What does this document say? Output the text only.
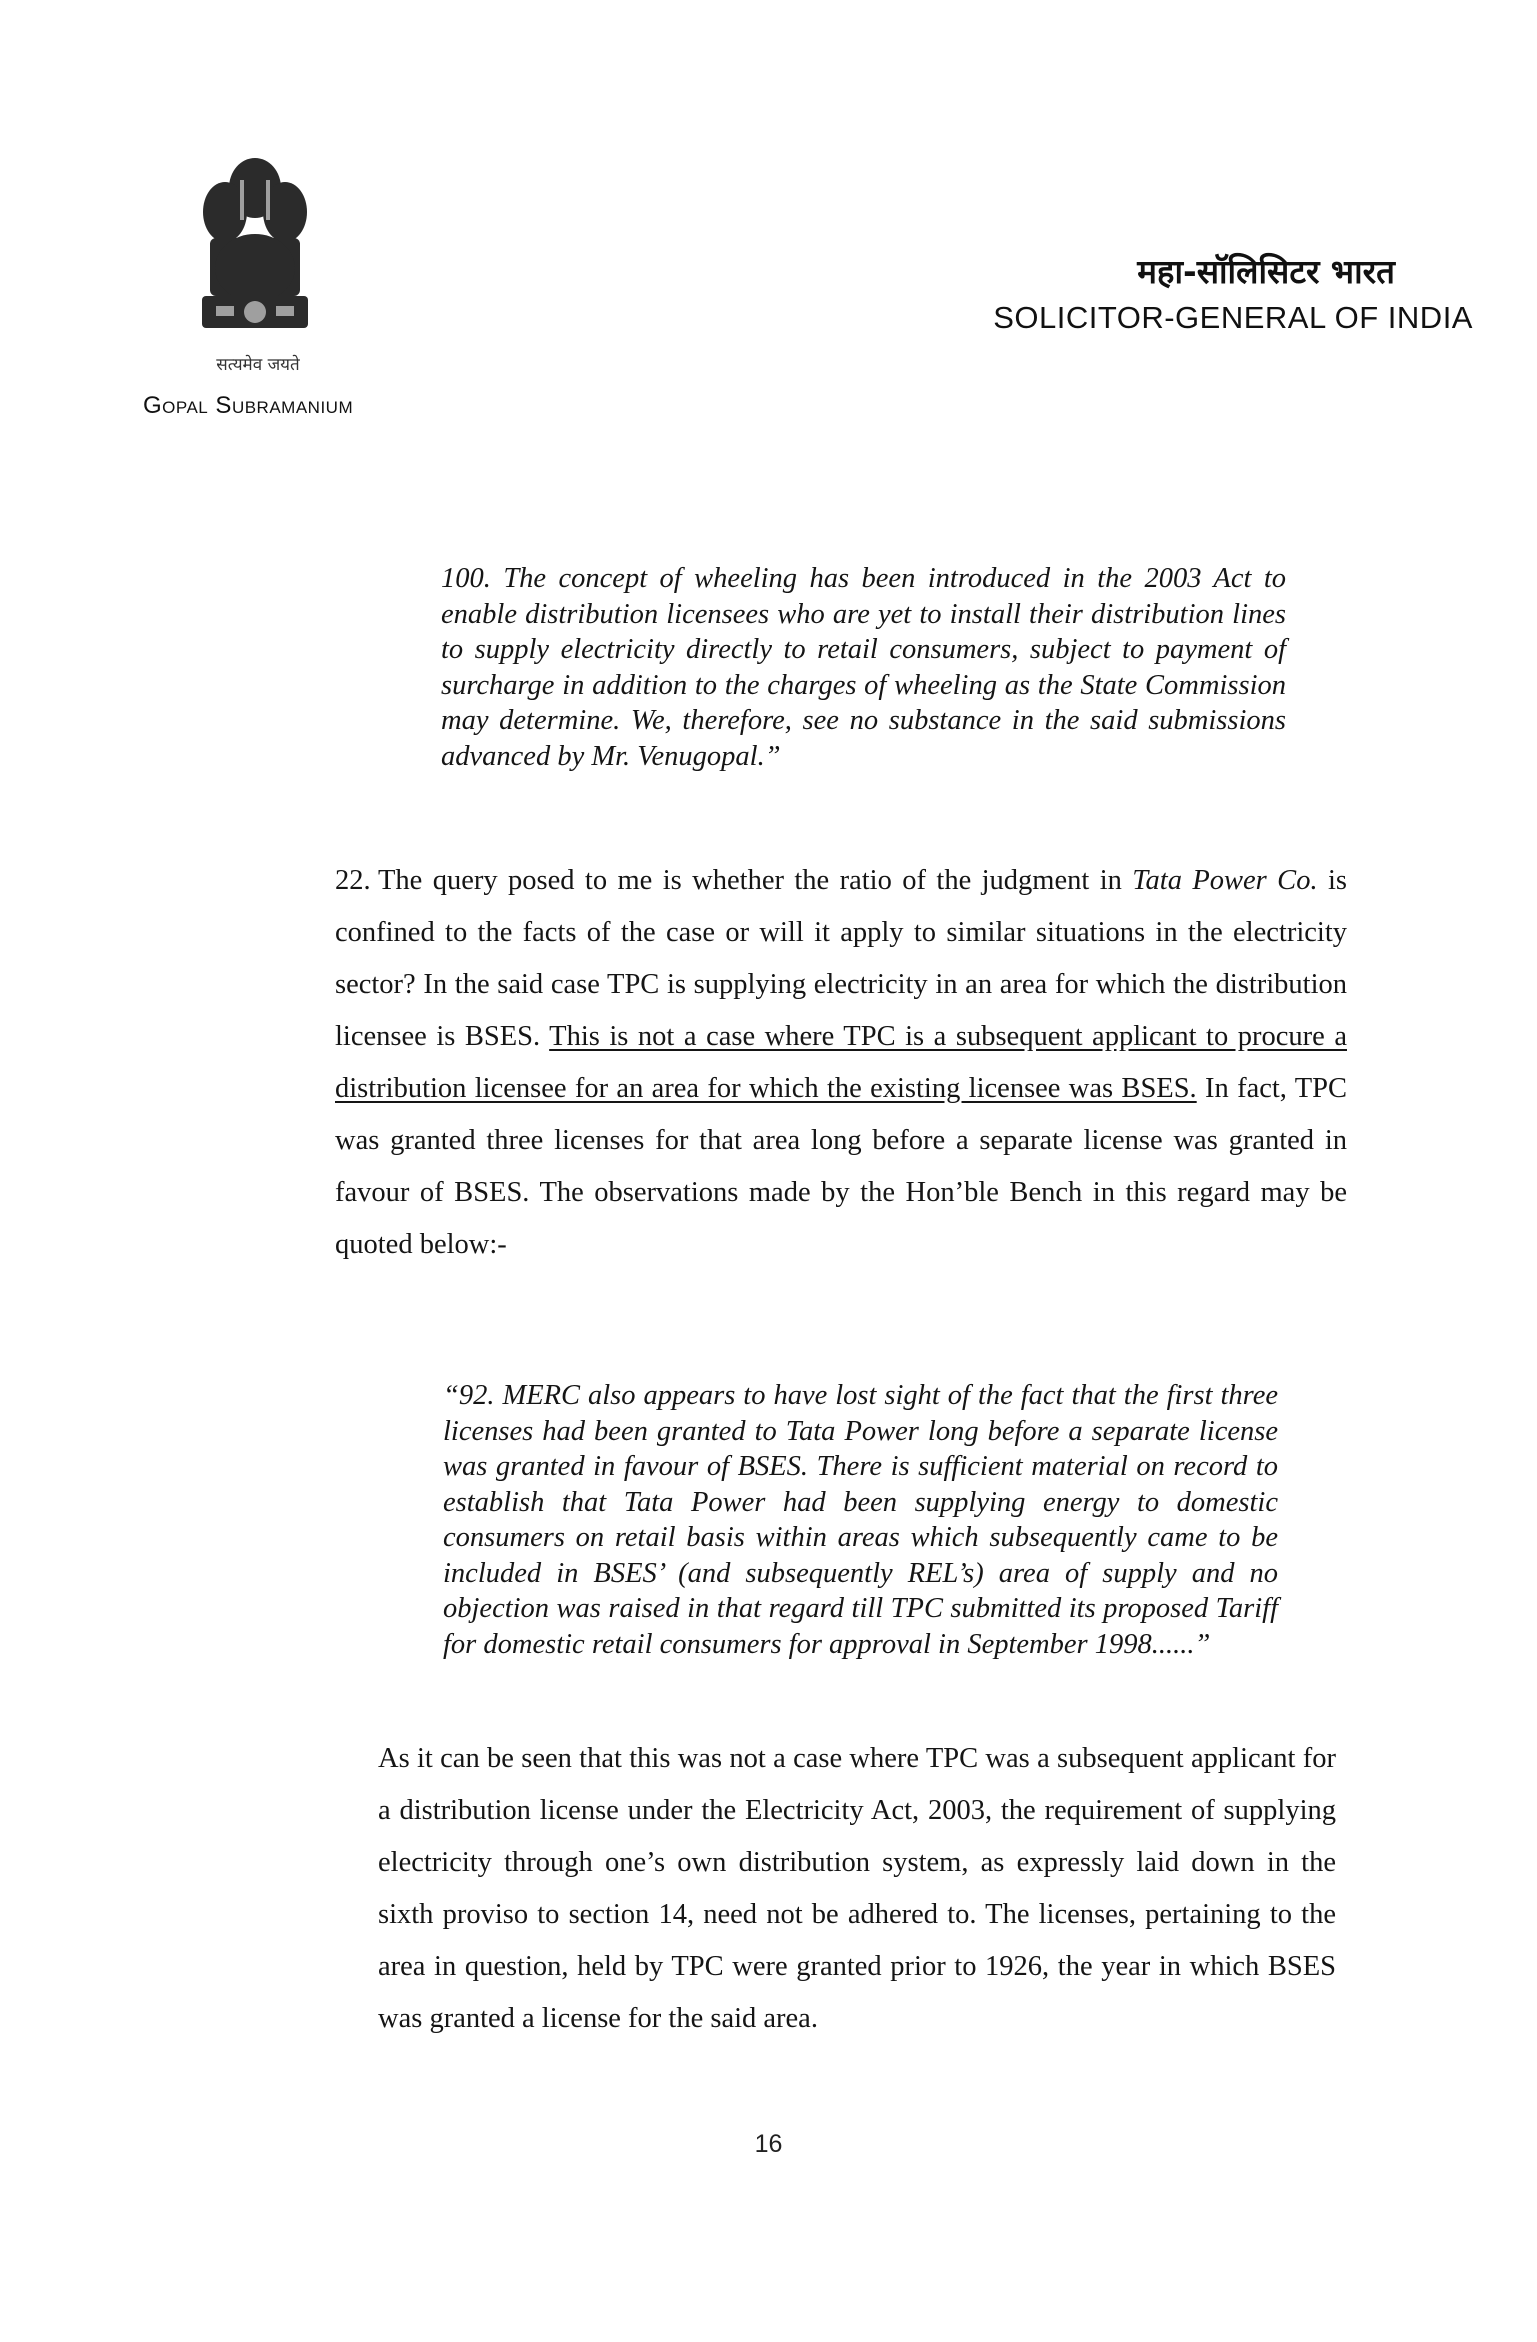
सत्यमेव जयते
Gopal Subramanium
महा-सॉलिसिटर भारत
SOLICITOR-GENERAL OF INDIA

100. The concept of wheeling has been introduced in the 2003 Act to enable distribution licensees who are yet to install their distribution lines to supply electricity directly to retail consumers, subject to payment of surcharge in addition to the charges of wheeling as the State Commission may determine. We, therefore, see no substance in the said submissions advanced by Mr. Venugopal.”

22. The query posed to me is whether the ratio of the judgment in Tata Power Co. is confined to the facts of the case or will it apply to similar situations in the electricity sector? In the said case TPC is supplying electricity in an area for which the distribution licensee is BSES. This is not a case where TPC is a subsequent applicant to procure a distribution licensee for an area for which the existing licensee was BSES. In fact, TPC was granted three licenses for that area long before a separate license was granted in favour of BSES. The observations made by the Hon’ble Bench in this regard may be quoted below:-

“92. MERC also appears to have lost sight of the fact that the first three licenses had been granted to Tata Power long before a separate license was granted in favour of BSES. There is sufficient material on record to establish that Tata Power had been supplying energy to domestic consumers on retail basis within areas which subsequently came to be included in BSES’ (and subsequently REL’s) area of supply and no objection was raised in that regard till TPC submitted its proposed Tariff for domestic retail consumers for approval in September 1998......”

As it can be seen that this was not a case where TPC was a subsequent applicant for a distribution license under the Electricity Act, 2003, the requirement of supplying electricity through one’s own distribution system, as expressly laid down in the sixth proviso to section 14, need not be adhered to. The licenses, pertaining to the area in question, held by TPC were granted prior to 1926, the year in which BSES was granted a license for the said area.

16
